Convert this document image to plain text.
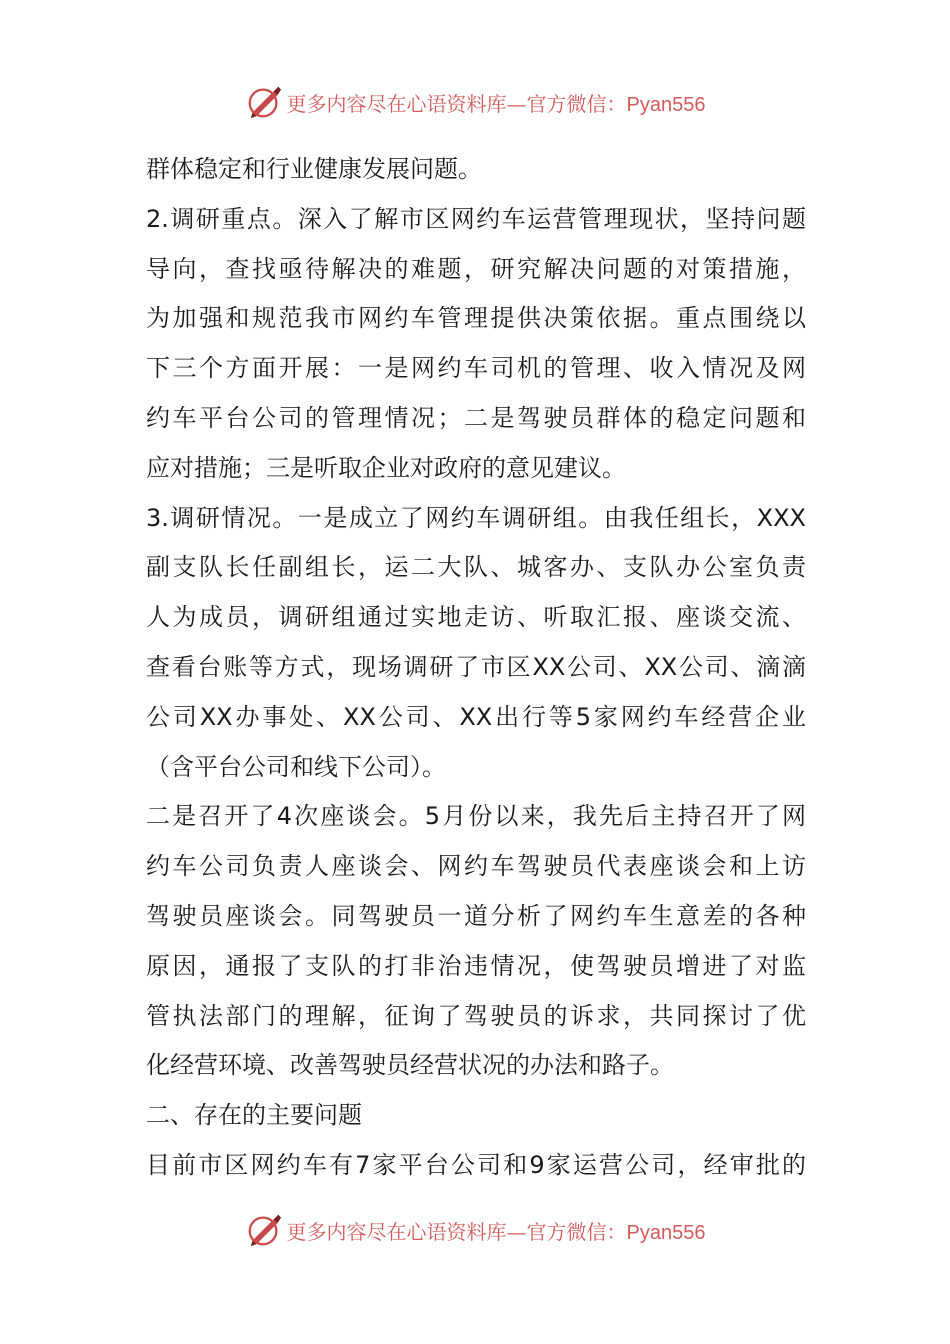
更多内容尽在心语资料库—官方微信：Pyan556
群体稳定和行业健康发展问题。
2.调研重点。深入了解市区网约车运营管理现状，坚持问题
导向，查找亟待解决的难题，研究解决问题的对策措施，
为加强和规范我市网约车管理提供决策依据。重点围绕以
下三个方面开展：一是网约车司机的管理、收入情况及网
约车平台公司的管理情况；二是驾驶员群体的稳定问题和
应对措施；三是听取企业对政府的意见建议。
3.调研情况。一是成立了网约车调研组。由我任组长，XXX
副支队长任副组长，运二大队、城客办、支队办公室负责
人为成员，调研组通过实地走访、听取汇报、座谈交流、
查看台账等方式，现场调研了市区XX公司、XX公司、滴滴
公司XX办事处、XX公司、XX出行等5家网约车经营企业
（含平台公司和线下公司）。
二是召开了4次座谈会。5月份以来，我先后主持召开了网
约车公司负责人座谈会、网约车驾驶员代表座谈会和上访
驾驶员座谈会。同驾驶员一道分析了网约车生意差的各种
原因，通报了支队的打非治违情况，使驾驶员增进了对监
管执法部门的理解，征询了驾驶员的诉求，共同探讨了优
化经营环境、改善驾驶员经营状况的办法和路子。
二、存在的主要问题
目前市区网约车有7家平台公司和9家运营公司，经审批的
更多内容尽在心语资料库—官方微信：Pyan556
